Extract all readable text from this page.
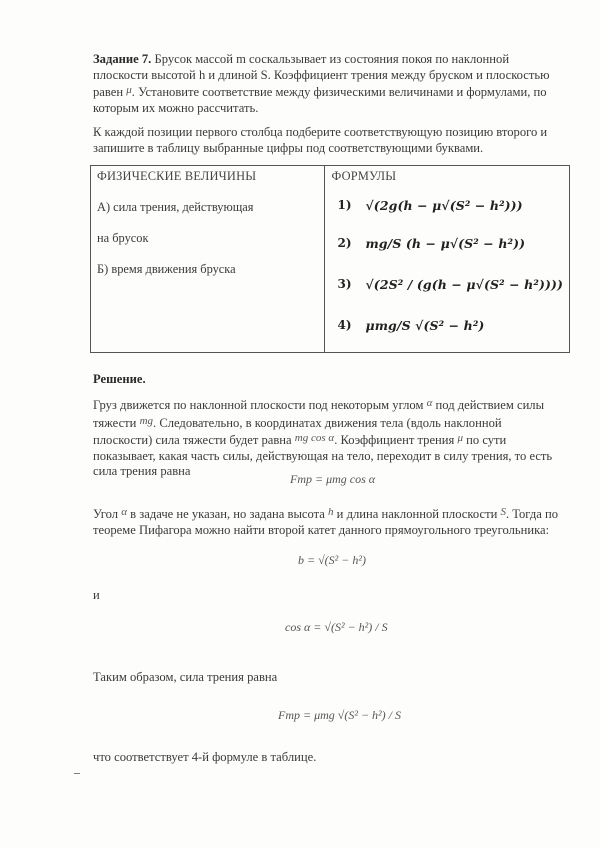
Задание 7. Брусок массой m соскальзывает из состояния покоя по наклонной плоскости высотой h и длиной S. Коэффициент трения между бруском и плоскостью равен μ. Установите соответствие между физическими величинами и формулами, по которым их можно рассчитать.

К каждой позиции первого столбца подберите соответствующую позицию второго и запишите в таблицу выбранные цифры под соответствующими буквами.

ФИЗИЧЕСКИЕ ВЕЛИЧИНЫ
А) сила трения, действующая
на брусок
Б) время движения бруска

ФОРМУЛЫ
1)	√(2g(h − μ√(S² − h²)))
2)	mg/S (h − μ√(S² − h²))
3)	√(2S² / (g(h − μ√(S² − h²))))
4)	μmg/S √(S² − h²)

Решение.

Груз движется по наклонной плоскости под некоторым углом α под действием силы тяжести mg. Следовательно, в координатах движения тела (вдоль наклонной плоскости) сила тяжести будет равна mg cos α. Коэффициент трения μ по сути показывает, какая часть силы, действующая на тело, переходит в силу трения, то есть сила трения равна

Fтр = μmg cos α

Угол α в задаче не указан, но задана высота h и длина наклонной плоскости S. Тогда по теореме Пифагора можно найти второй катет данного прямоугольного треугольника:

b = √(S² − h²)

и

cos α = √(S² − h²) / S

Таким образом, сила трения равна

Fтр = μmg √(S² − h²) / S

что соответствует 4-й формуле в таблице.
